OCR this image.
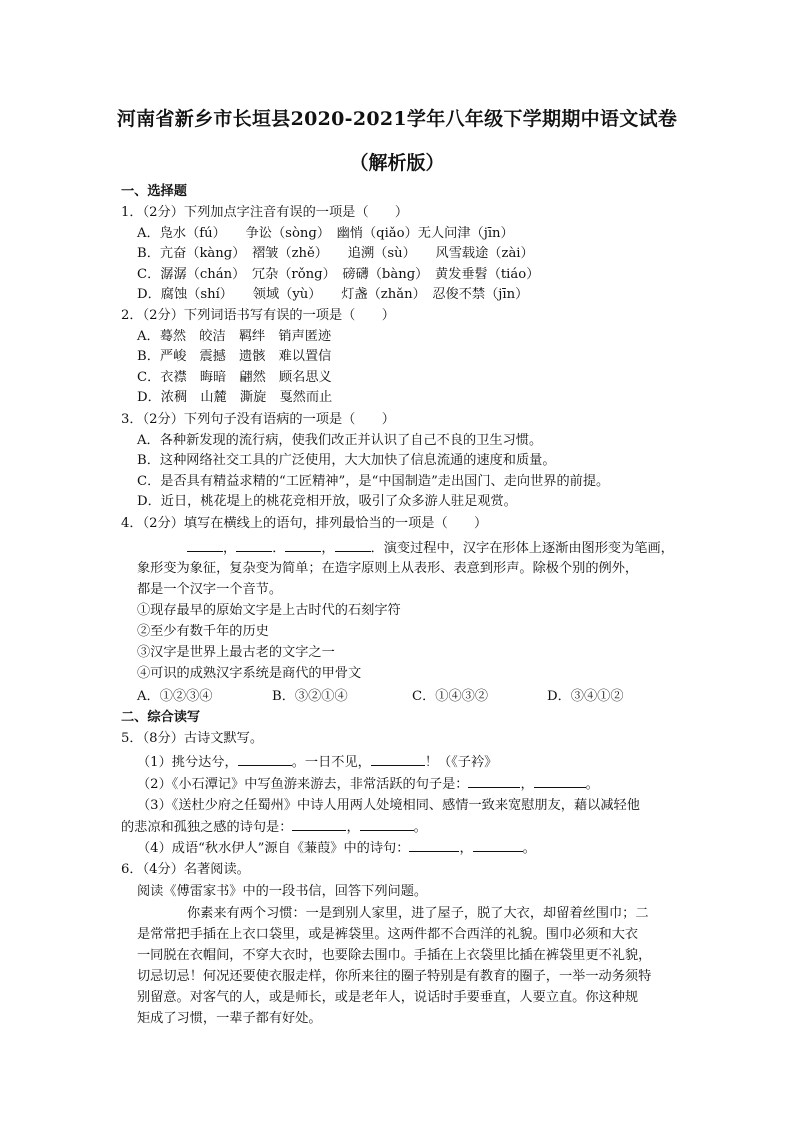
河南省新乡市长垣县2020-2021学年八年级下学期期中语文试卷
（解析版）
一、选择题
1．（2分）下列加点字注音有误的一项是（　　）
A．凫水（fú）　　争讼（sònɡ）　幽悄（qiǎo）无人问津（jīn）
B．亢奋（kànɡ）　褶皱（zhě）　　追溯（sù）　　风雪载途（zài）
C．潺潺（chán）　冗杂（rǒnɡ）　磅礴（bànɡ）　黄发垂髫（tiáo）
D．腐蚀（shí）　　领域（yù）　　灯盏（zhǎn）　忍俊不禁（jīn）
2．（2分）下列词语书写有误的一项是（　　）
A．蓦然　皎洁　羁绊　销声匿迹
B．严峻　震撼　遗骸　难以置信
C．衣襟　晦暗　翩然　顾名思义
D．浓稠　山麓　澌旋　戛然而止
3．（2分）下列句子没有语病的一项是（　　）
A．各种新发现的流行病，使我们改正并认识了自己不良的卫生习惯。
B．这种网络社交工具的广泛使用，大大加快了信息流通的速度和质量。
C．是否具有精益求精的“工匠精神”，是“中国制造”走出国门、走向世界的前提。
D．近日，桃花堤上的桃花竞相开放，吸引了众多游人驻足观赏。
4．（2分）填写在横线上的语句，排列最恰当的一项是（　　）
，	．	，	．演变过程中，汉字在形体上逐渐由图形变为笔画，
象形变为象征，复杂变为简单；在造字原则上从表形、表意到形声。除极个别的例外，
都是一个汉字一个音节。
①现存最早的原始文字是上古时代的石刻字符
②至少有数千年的历史
③汉字是世界上最古老的文字之一
④可识的成熟汉字系统是商代的甲骨文
A．①②③④	B．③②①④	C．①④③②	D．③④①②
二、综合读写
5．（8分）古诗文默写。
（1）挑兮达兮，	。一日不见，	！（《子衿》
（2）《小石潭记》中写鱼游来游去，非常活跃的句子是：	，	。
（3）《送杜少府之任蜀州》中诗人用两人处境相同、感情一致来宽慰朋友，藉以减轻他
的悲凉和孤独之感的诗句是：	，	。
（4）成语“秋水伊人”源自《蒹葭》中的诗句：	，	。
6．（4分）名著阅读。
阅读《傅雷家书》中的一段书信，回答下列问题。
你素来有两个习惯：一是到别人家里，进了屋子，脱了大衣，却留着丝围巾；二
是常常把手插在上衣口袋里，或是裤袋里。这两件都不合西洋的礼貌。围巾必须和大衣
一同脱在衣帽间，不穿大衣时，也要除去围巾。手插在上衣袋里比插在裤袋里更不礼貌，
切忌切忌！何况还要使衣服走样，你所来往的圈子特别是有教育的圈子，一举一动务须特
别留意。对客气的人，或是师长，或是老年人，说话时手要垂直，人要立直。你这种规
矩成了习惯，一辈子都有好处。
